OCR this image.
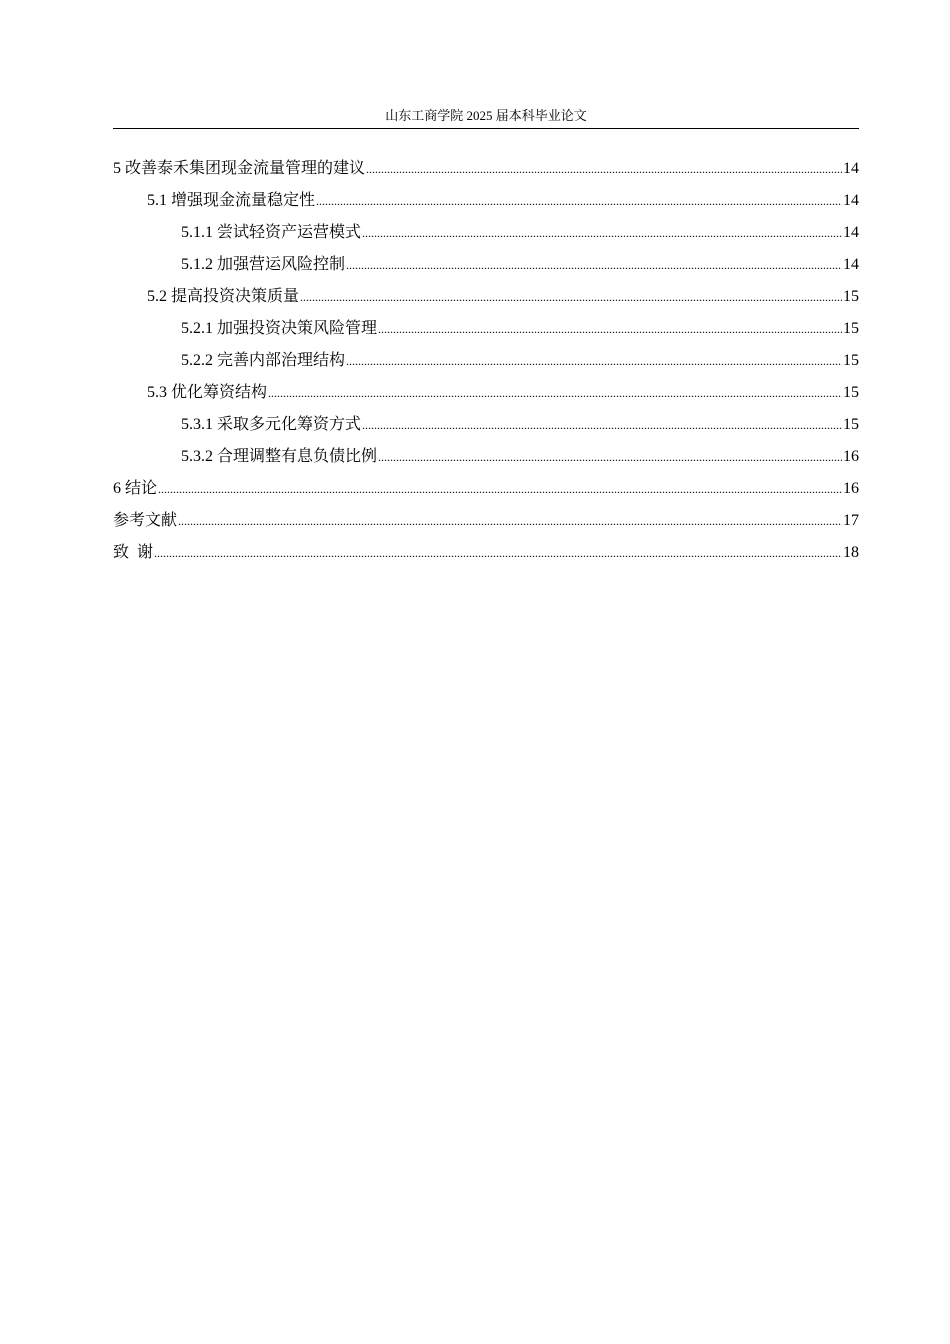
山东工商学院 2025 届本科毕业论文
5 改善泰禾集团现金流量管理的建议 .....	14
5.1 增强现金流量稳定性 .....	14
5.1.1 尝试轻资产运营模式 .....	14
5.1.2 加强营运风险控制 .....	14
5.2 提高投资决策质量 .....	15
5.2.1 加强投资决策风险管理 .....	15
5.2.2 完善内部治理结构 .....	15
5.3 优化筹资结构 .....	15
5.3.1 采取多元化筹资方式 .....	15
5.3.2 合理调整有息负债比例 .....	16
6 结论 .....	16
参考文献 .....	17
致  谢 .....	18
